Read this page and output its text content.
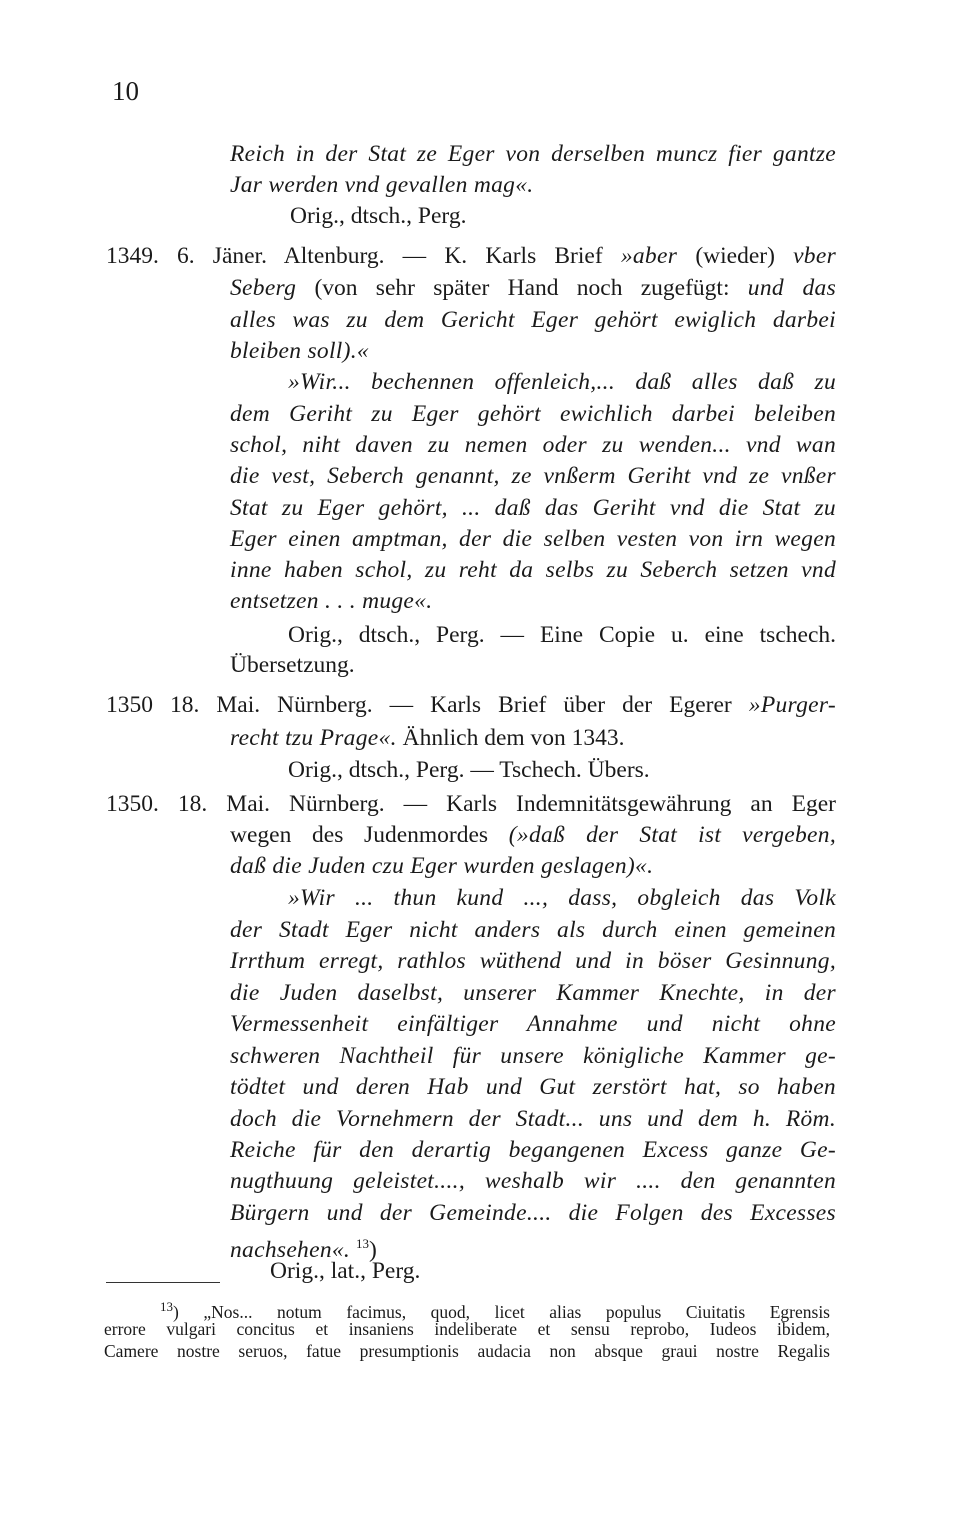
10
Reich in der Stat ze Eger von derselben muncz fier gantze
Jar werden vnd gevallen mag«.
Orig., dtsch., Perg.
1349. 6. Jäner. Altenburg. — K. Karls Brief »aber (wieder) vber
Seberg (von sehr später Hand noch zugefügt: und das
alles was zu dem Gericht Eger gehört ewiglich darbei
bleiben soll).«
»Wir... bechennen offenleich,... daß alles daß zu
dem Geriht zu Eger gehört ewichlich darbei beleiben
schol, niht daven zu nemen oder zu wenden... vnd wan
die vest, Seberch genannt, ze vnßerm Geriht vnd ze vnßer
Stat zu Eger gehört, ... daß das Geriht vnd die Stat zu
Eger einen amptman, der die selben vesten von irn wegen
inne haben schol, zu reht da selbs zu Seberch setzen vnd
entsetzen . . . muge«.
Orig., dtsch., Perg. — Eine Copie u. eine tschech.
Übersetzung.
1350 18. Mai. Nürnberg. — Karls Brief über der Egerer »Purger-
recht tzu Prage«. Ähnlich dem von 1343.
Orig., dtsch., Perg. — Tschech. Übers.
1350. 18. Mai. Nürnberg. — Karls Indemnitätsgewährung an Eger
wegen des Judenmordes (»daß der Stat ist vergeben,
daß die Juden czu Eger wurden geslagen)«.
»Wir ... thun kund ..., dass, obgleich das Volk
der Stadt Eger nicht anders als durch einen gemeinen
Irrthum erregt, rathlos wüthend und in böser Gesinnung,
die Juden daselbst, unserer Kammer Knechte, in der
Vermessenheit einfältiger Annahme und nicht ohne
schweren Nachtheil für unsere königliche Kammer ge-
tödtet und deren Hab und Gut zerstört hat, so haben
doch die Vornehmern der Stadt... uns und dem h. Röm.
Reiche für den derartig begangenen Excess ganze Ge-
nugthuung geleistet...., weshalb wir .... den genannten
Bürgern und der Gemeinde.... die Folgen des Excesses
nachsehen«. $^{13}$)
Orig., lat., Perg.
$^{13}$) „Nos... notum facimus, quod, licet alias populus Ciuitatis Egrensis
errore vulgari concitus et insaniens indeliberate et sensu reprobo, Iudeos ibidem,
Camere nostre seruos, fatue presumptionis audacia non absque graui nostre Regalis
